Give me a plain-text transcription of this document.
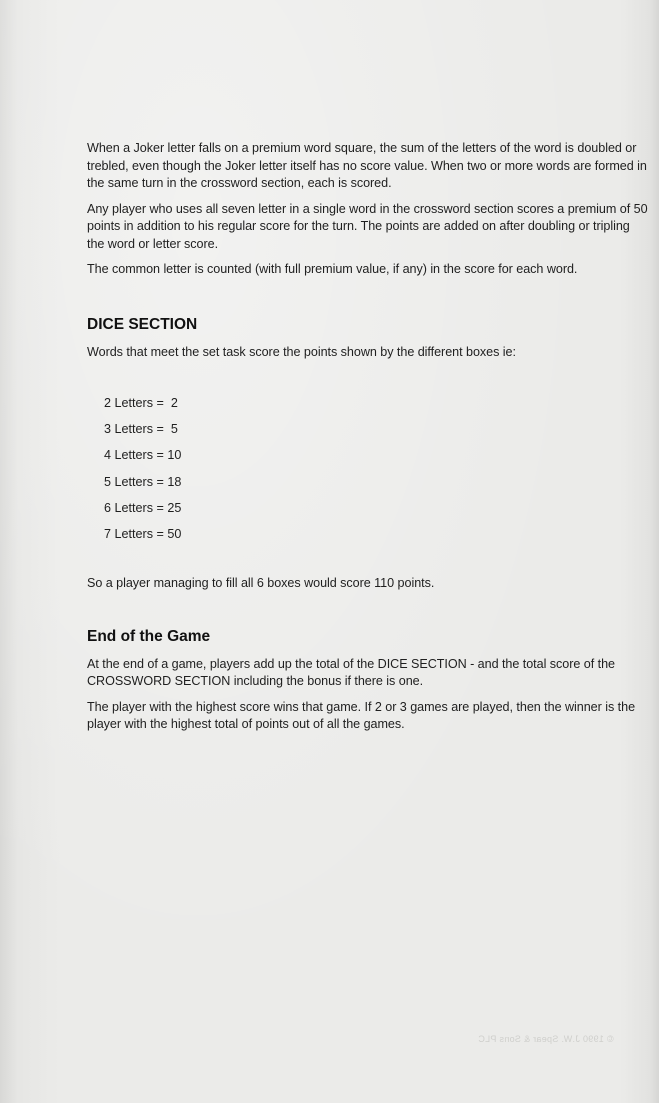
When a Joker letter falls on a premium word square, the sum of the letters of the word is doubled or trebled, even though the Joker letter itself has no score value. When two or more words are formed in the same turn in the crossword section, each is scored.

Any player who uses all seven letter in a single word in the crossword section scores a premium of 50 points in addition to his regular score for the turn. The points are added on after doubling or tripling the word or letter score.

The common letter is counted (with full premium value, if any) in the score for each word.

DICE SECTION

Words that meet the set task score the points shown by the different boxes ie:

2 Letters =  2
3 Letters =  5
4 Letters = 10
5 Letters = 18
6 Letters = 25
7 Letters = 50

So a player managing to fill all 6 boxes would score 110 points.

End of the Game

At the end of a game, players add up the total of the DICE SECTION - and the total score of the CROSSWORD SECTION including the bonus if there is one.

The player with the highest score wins that game. If 2 or 3 games are played, then the winner is the player with the highest total of points out of all the games.

© 1990 J.W. Spear & Sons PLC
